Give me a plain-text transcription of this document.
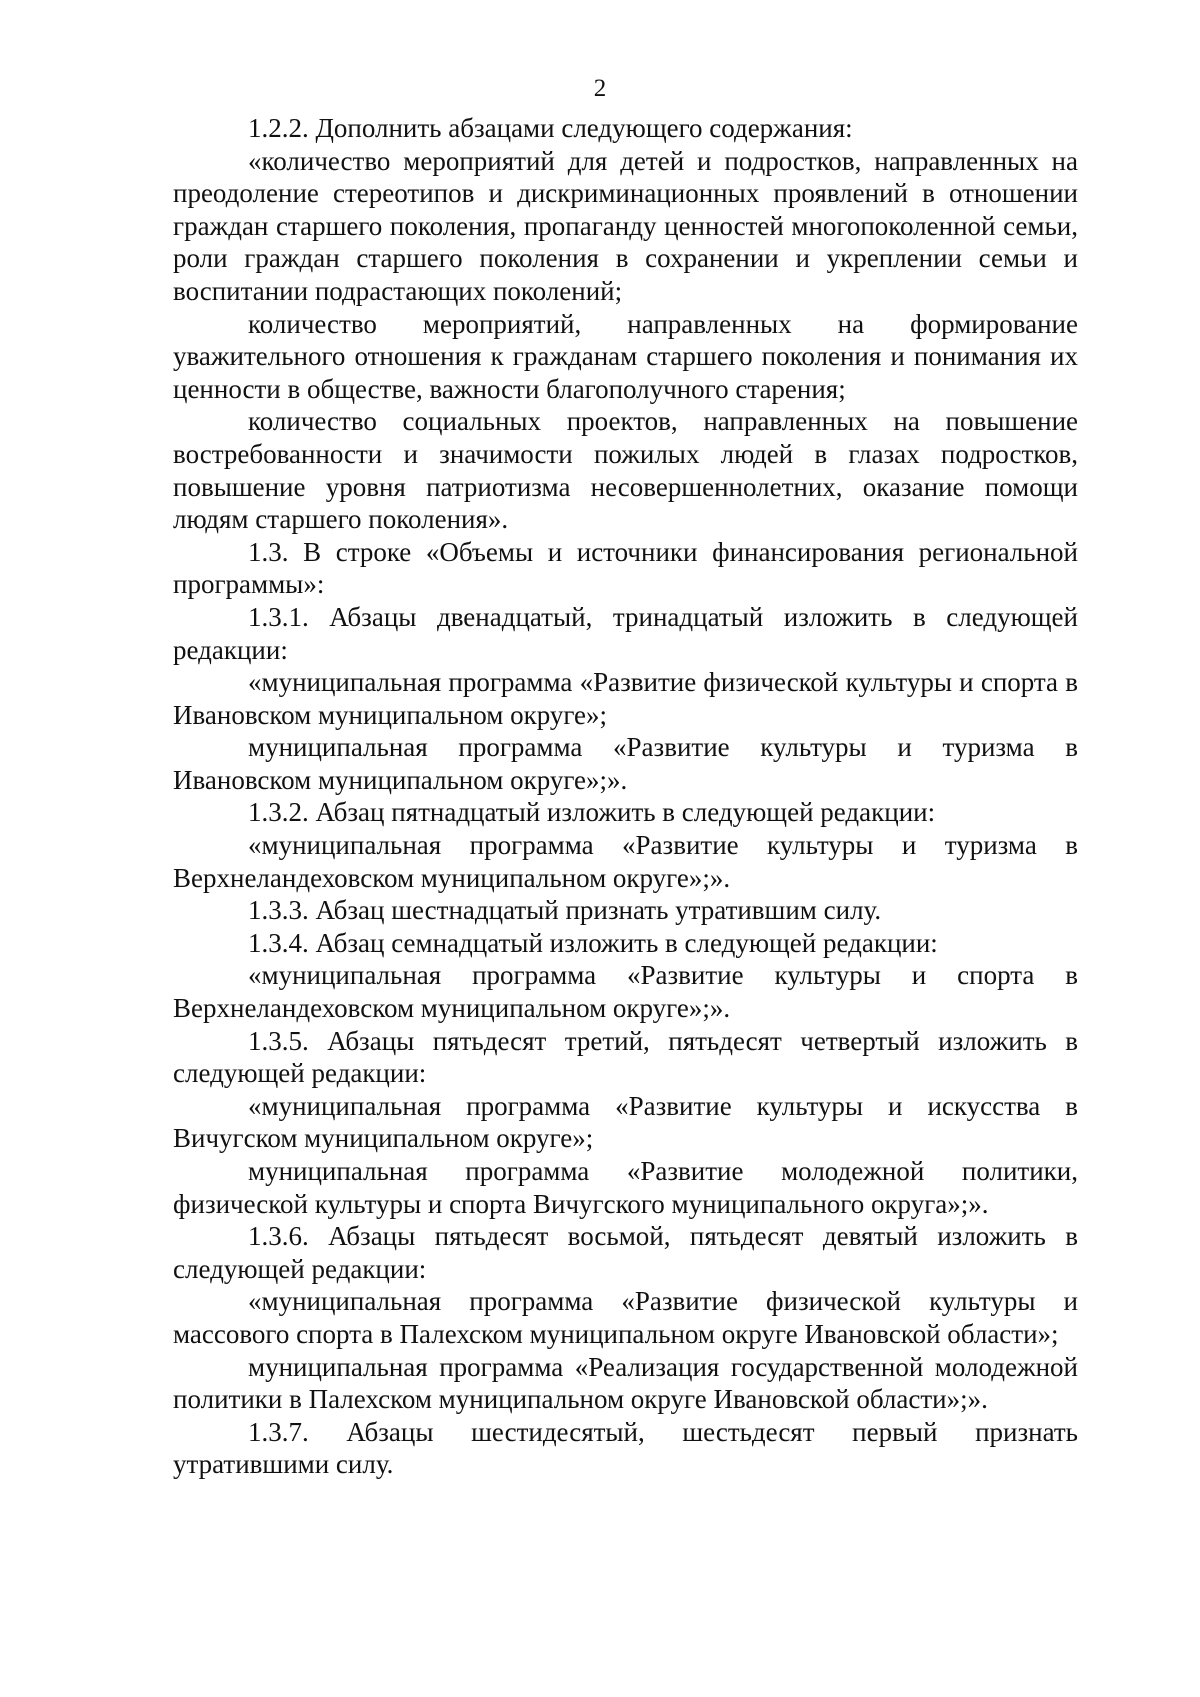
2

1.2.2. Дополнить абзацами следующего содержания:

«количество мероприятий для детей и подростков, направленных на преодоление стереотипов и дискриминационных проявлений в отношении граждан старшего поколения, пропаганду ценностей многопоколенной семьи, роли граждан старшего поколения в сохранении и укреплении семьи и воспитании подрастающих поколений;

количество мероприятий, направленных на формирование уважительного отношения к гражданам старшего поколения и понимания их ценности в обществе, важности благополучного старения;

количество социальных проектов, направленных на повышение востребованности и значимости пожилых людей в глазах подростков, повышение уровня патриотизма несовершеннолетних, оказание помощи людям старшего поколения».

1.3. В строке «Объемы и источники финансирования региональной программы»:

1.3.1. Абзацы двенадцатый, тринадцатый изложить в следующей редакции:

«муниципальная программа «Развитие физической культуры и спорта в Ивановском муниципальном округе»;

муниципальная программа «Развитие культуры и туризма в Ивановском муниципальном округе»;».

1.3.2. Абзац пятнадцатый изложить в следующей редакции:

«муниципальная программа «Развитие культуры и туризма в Верхнеландеховском муниципальном округе»;».

1.3.3. Абзац шестнадцатый признать утратившим силу.

1.3.4. Абзац семнадцатый изложить в следующей редакции:

«муниципальная программа «Развитие культуры и спорта в Верхнеландеховском муниципальном округе»;».

1.3.5. Абзацы пятьдесят третий, пятьдесят четвертый изложить в следующей редакции:

«муниципальная программа «Развитие культуры и искусства в Вичугском муниципальном округе»;

муниципальная программа «Развитие молодежной политики, физической культуры и спорта Вичугского муниципального округа»;».

1.3.6. Абзацы пятьдесят восьмой, пятьдесят девятый изложить в следующей редакции:

«муниципальная программа «Развитие физической культуры и массового спорта в Палехском муниципальном округе Ивановской области»;

муниципальная программа «Реализация государственной молодежной политики в Палехском муниципальном округе Ивановской области»;».

1.3.7. Абзацы шестидесятый, шестьдесят первый признать утратившими силу.
